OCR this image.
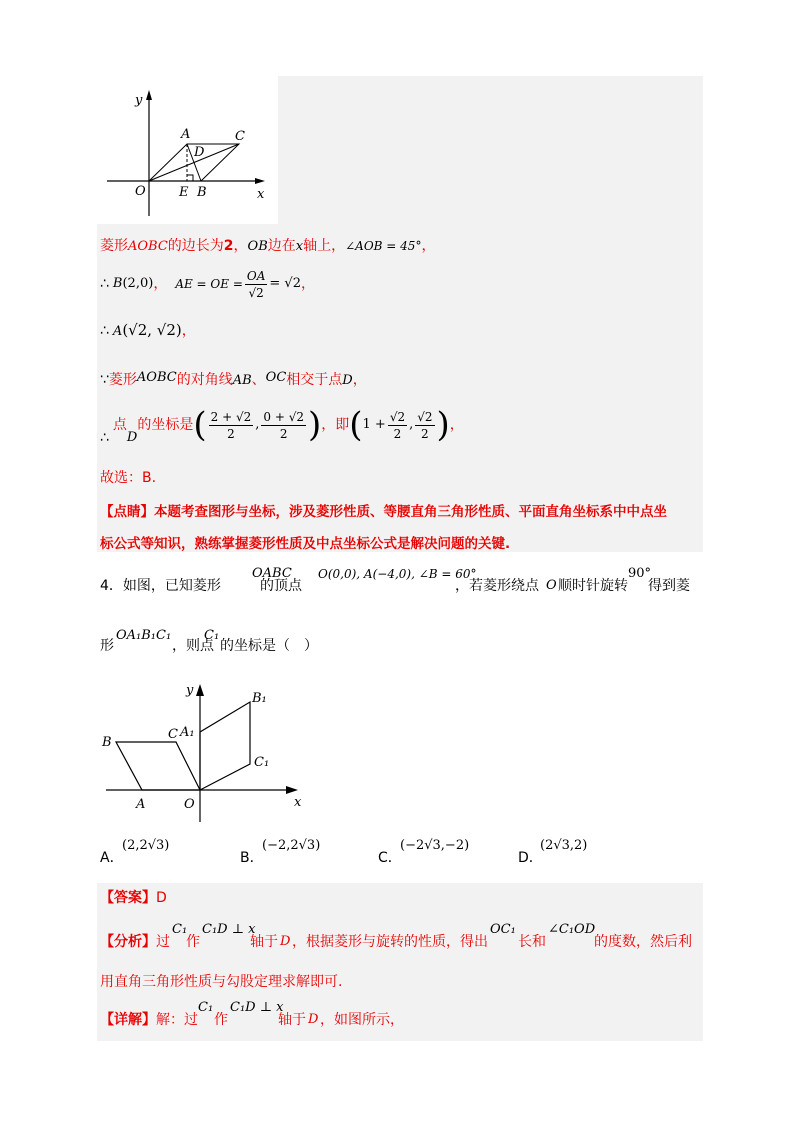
y
x
A	C
D
O	E B
菱形AOBC的边长为2，OB边在x轴上，∠AOB = 45°，
∴ B (2,0) ， AE = OE = $\frac{OA}{√2} = √2$ ，
∴ A(√2, √2)，
∵菱形AOBC的对角线AB、OC相交于点D，
∴
点
D
的坐标是 ( $\frac{2 + √2}{2}$ , $\frac{0 + √2}{2}$ ) ，即 ( $1 + \frac{√2}{2}$ , $\frac{√2}{2}$ ) ，
故选：B.
【点睛】本题考查图形与坐标，涉及菱形性质、等腰直角三角形性质、平面直角坐标系中中点坐
标公式等知识，熟练掌握菱形性质及中点坐标公式是解决问题的关键.
4．如图，已知菱形
OABC
的顶点
O(0,0), A(−4,0), ∠B = 60°
，若菱形绕点 O 顺时针旋转
90°
得到菱
形
OA₁B₁C₁
，则点
C₁
的坐标是（　）
y
x
B
C A₁
B₁
C₁
A	O
A．
(2,2√3)
B．
(−2,2√3)
C．
(−2√3,−2)
D．
(2√3,2)
【答案】D
【分析】 过
C₁
作
C₁D ⊥ x
轴于 D ，根据菱形与旋转的性质，得出
OC₁
长和
∠C₁OD
的度数，然后利
用直角三角形性质与勾股定理求解即可.
【详解】 解：过
C₁
作
C₁D ⊥ x
轴于 D ，如图所示，
